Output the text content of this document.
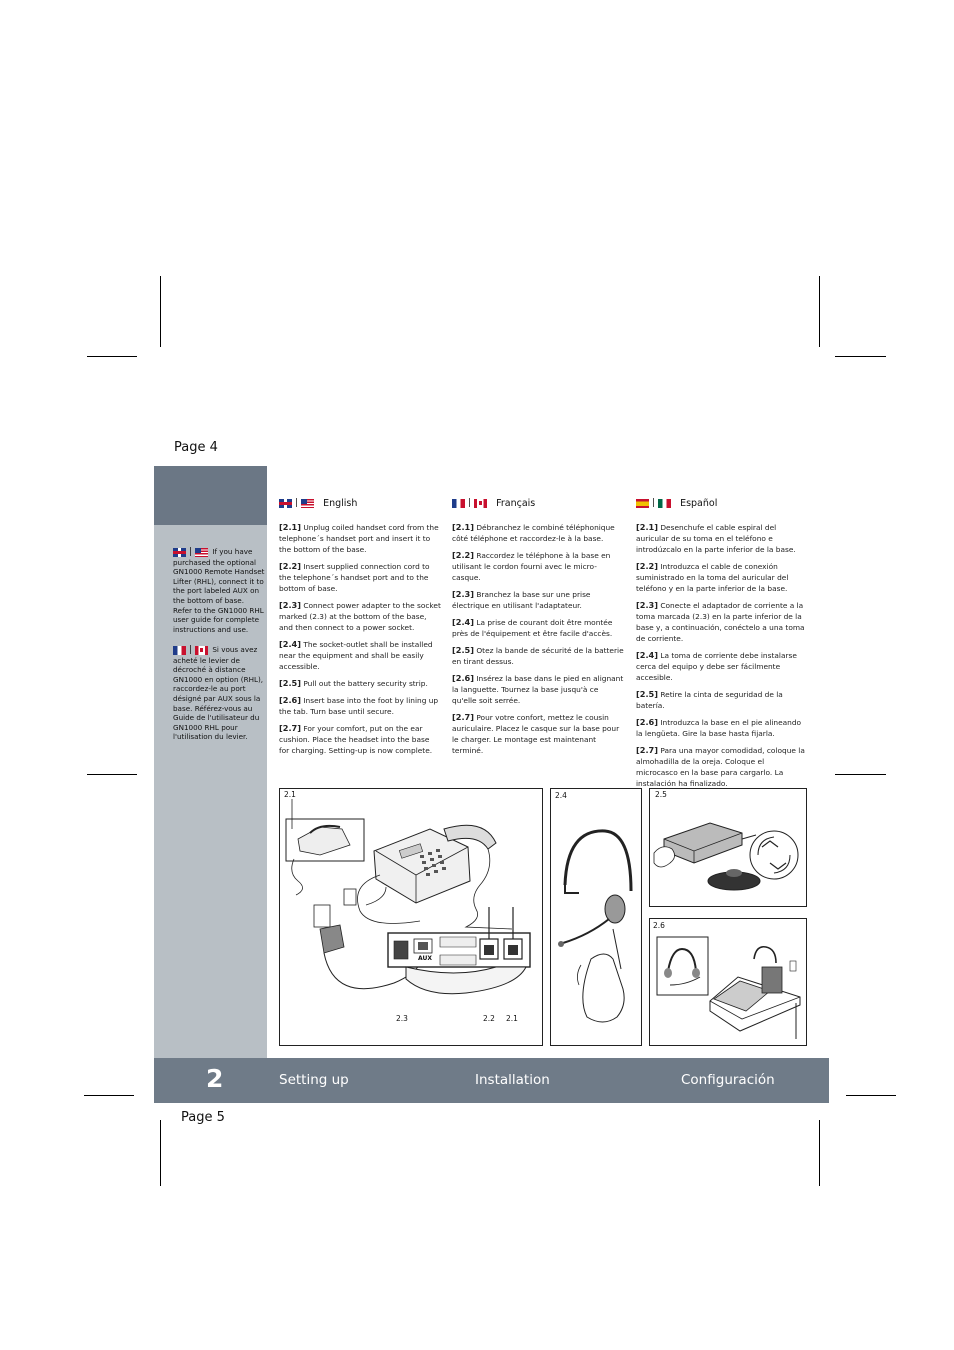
Page 4
Page 5
|   If you have purchased the optional GN1000 Remote Handset Lifter (RHL), connect it to the port labeled AUX on the bottom of base. Refer to the GN1000 RHL user guide for complete instructions and use.
|   Si vous avez acheté le levier de décroché à distance GN1000 en option (RHL), raccordez-le au port désigné par AUX sous la base. Référez-vous au Guide de l'utilisateur du GN1000 RHL pour l'utilisation du levier.
|
	English

[2.1] Unplug coiled handset cord from the telephone´s handset port and insert it to the bottom of the base.

[2.2] Insert supplied connection cord to the telephone´s handset port and to the bottom of base.

[2.3] Connect power adapter to the socket marked (2.3) at the bottom of the base, and then connect to a power socket.

[2.4] The socket-outlet shall be installed near the equipment and shall be easily accessible.

[2.5] Pull out the battery security strip.

[2.6] Insert base into the foot by lining up the tab. Turn base until secure.

[2.7] For your comfort, put on the ear cushion. Place the headset into the base for charging. Setting-up is now complete.

|
	Français

[2.1] Débranchez le combiné téléphonique côté téléphone et raccordez-le à la base.

[2.2] Raccordez le téléphone à la base en utilisant le cordon fourni avec le micro-casque.

[2.3] Branchez la base sur une prise électrique en utilisant l'adaptateur.

[2.4] La prise de courant doit être montée près de l'équipement et être facile d'accès.

[2.5] Otez la bande de sécurité de la batterie en tirant dessus.

[2.6] Insérez la base dans le pied en alignant la languette. Tournez la base jusqu'à ce qu'elle soit serrée.

[2.7] Pour votre confort, mettez le cousin auriculaire. Placez le casque sur la base pour le charger. Le montage est maintenant terminé.

|
	Español

[2.1] Desenchufe el cable espiral del auricular de su toma en el teléfono e introdúzcalo en la parte inferior de la base.

[2.2] Introduzca el cable de conexión suministrado en la toma del auricular del teléfono y en la parte inferior de la base.

[2.3] Conecte el adaptador de corriente a la toma marcada (2.3) en la parte inferior de la base y, a continuación, conéctelo a una toma de corriente.

[2.4] La toma de corriente debe instalarse cerca del equipo y debe ser fácilmente accesible.

[2.5] Retire la cinta de seguridad de la batería.

[2.6] Introduzca la base en el pie alineando la lengüeta. Gire la base hasta fijarla.

[2.7] Para una mayor comodidad, coloque la almohadilla de la oreja. Coloque el microcasco en la base para cargarlo. La instalación ha finalizado.

2.1
AUX
2.3	2.2 2.1
2.4	2.5
2.6
2	Setting up	Installation	Configuración
